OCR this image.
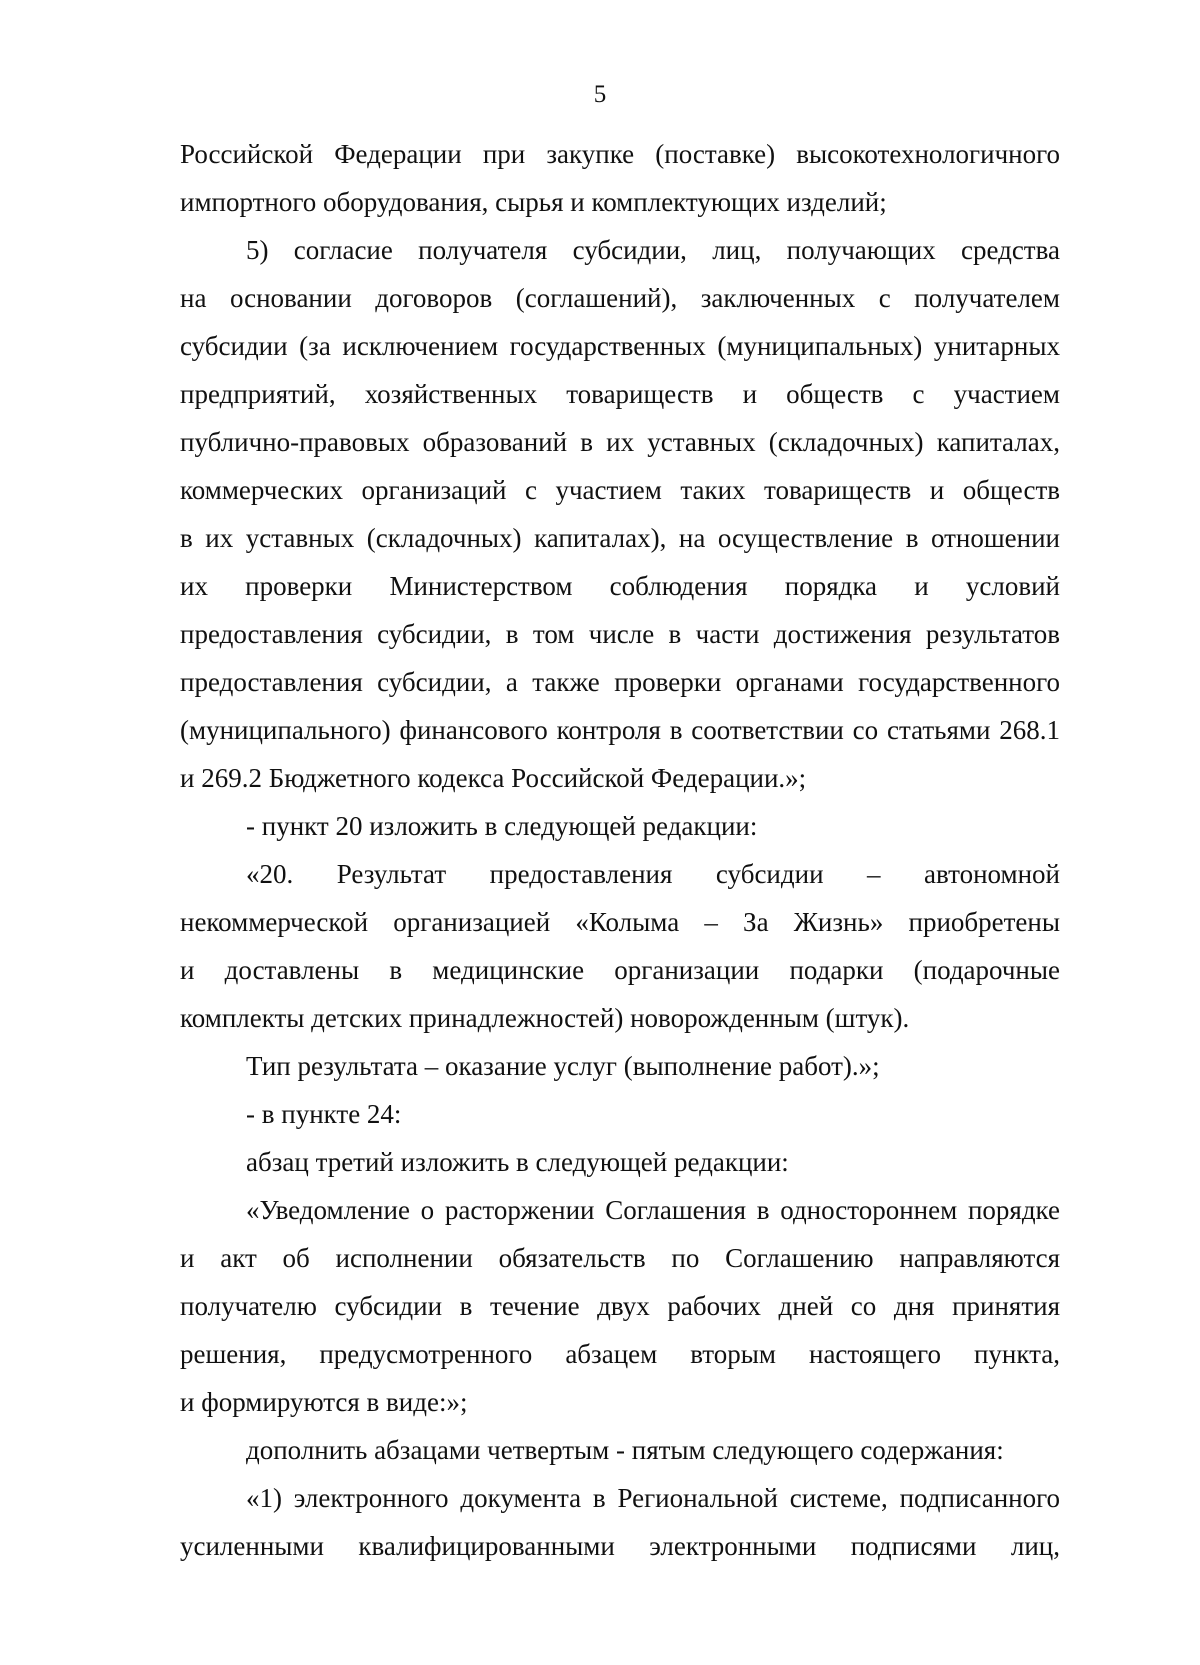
5
Российской Федерации при закупке (поставке) высокотехнологичного
импортного оборудования, сырья и комплектующих изделий;
5) согласие получателя субсидии, лиц, получающих средства
на основании договоров (соглашений), заключенных с получателем
субсидии (за исключением государственных (муниципальных) унитарных
предприятий, хозяйственных товариществ и обществ с участием
публично-правовых образований в их уставных (складочных) капиталах,
коммерческих организаций с участием таких товариществ и обществ
в их уставных (складочных) капиталах), на осуществление в отношении
их проверки Министерством соблюдения порядка и условий
предоставления субсидии, в том числе в части достижения результатов
предоставления субсидии, а также проверки органами государственного
(муниципального) финансового контроля в соответствии со статьями 268.1
и 269.2 Бюджетного кодекса Российской Федерации.»;
- пункт 20 изложить в следующей редакции:
«20. Результат предоставления субсидии – автономной
некоммерческой организацией «Колыма – За Жизнь» приобретены
и доставлены в медицинские организации подарки (подарочные
комплекты детских принадлежностей) новорожденным (штук).
Тип результата – оказание услуг (выполнение работ).»;
- в пункте 24:
абзац третий изложить в следующей редакции:
«Уведомление о расторжении Соглашения в одностороннем порядке
и акт об исполнении обязательств по Соглашению направляются
получателю субсидии в течение двух рабочих дней со дня принятия
решения, предусмотренного абзацем вторым настоящего пункта,
и формируются в виде:»;
дополнить абзацами четвертым - пятым следующего содержания:
«1) электронного документа в Региональной системе, подписанного
усиленными квалифицированными электронными подписями лиц,
